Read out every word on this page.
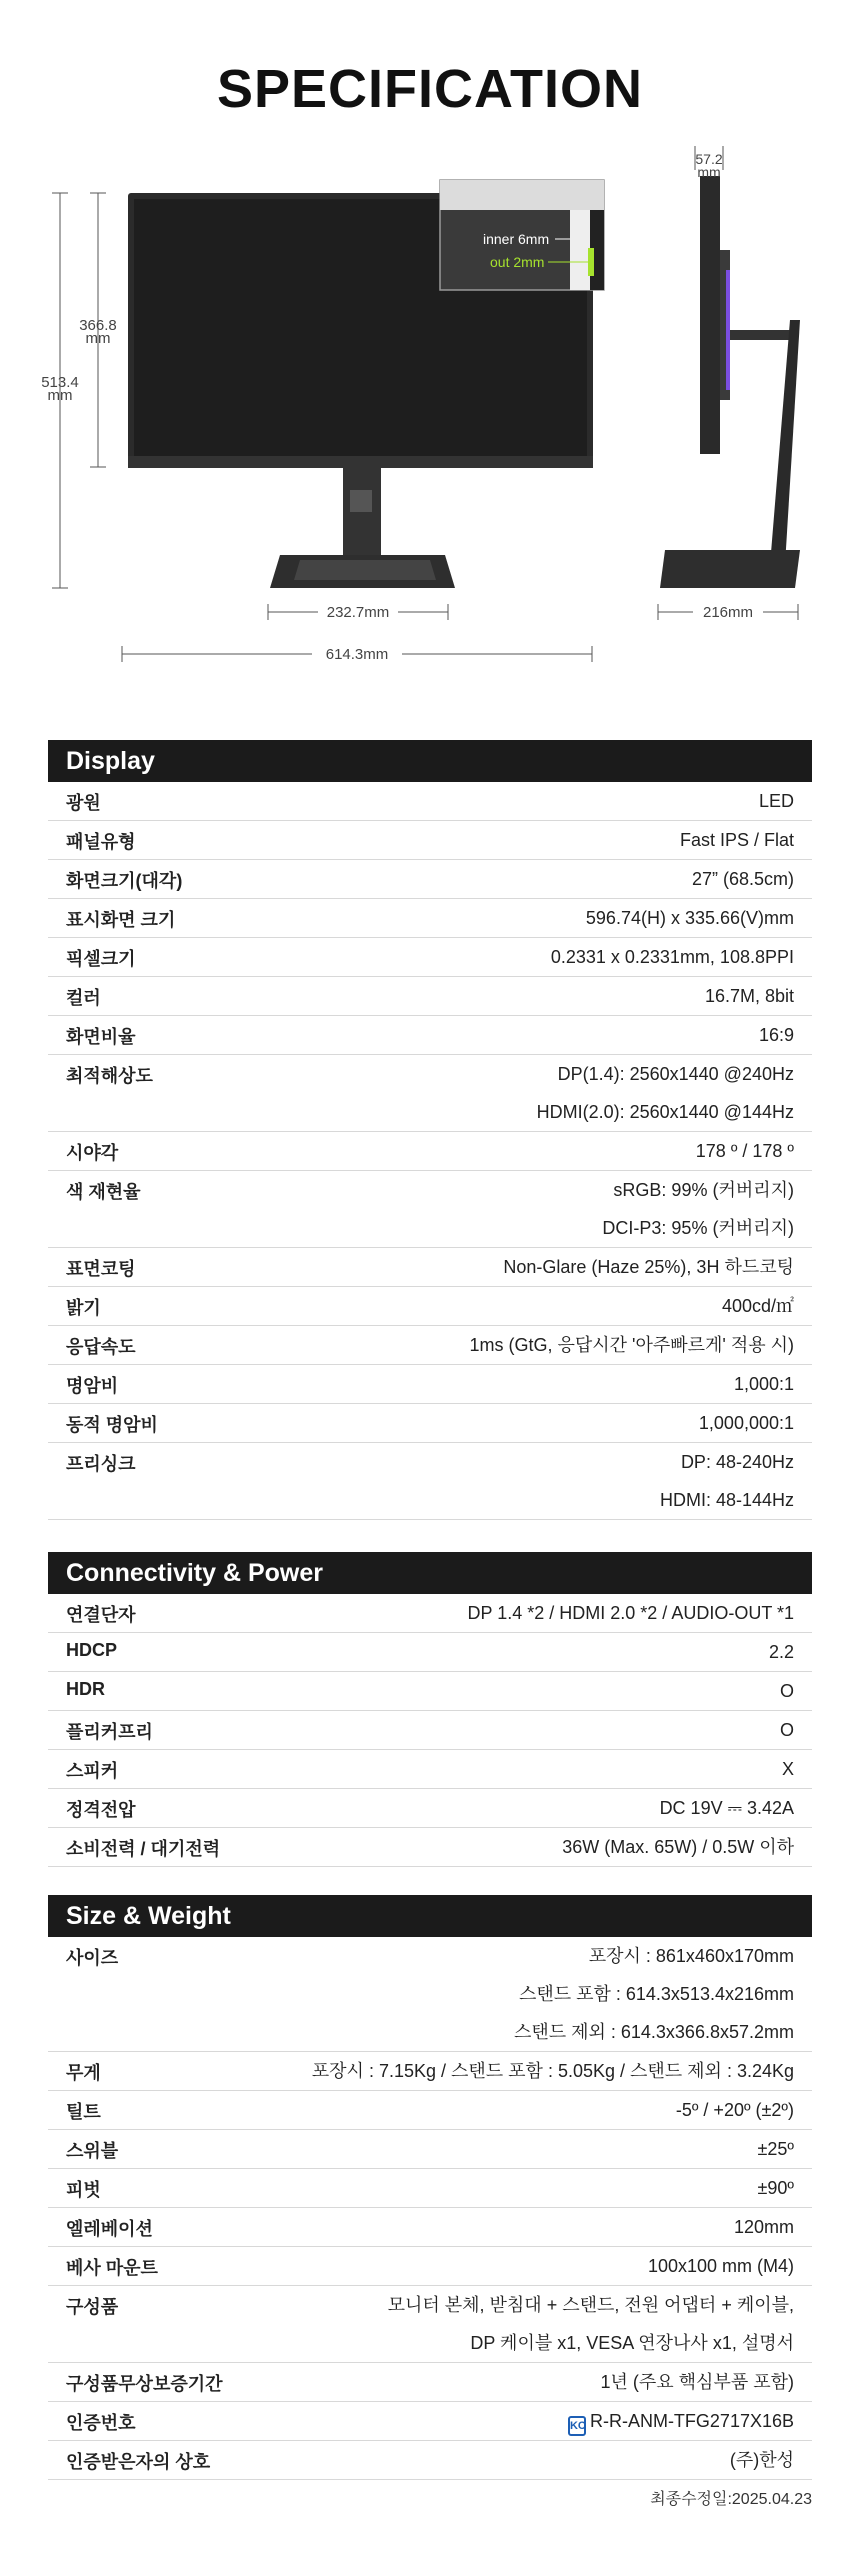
SPECIFICATION
inner 6mm
out 2mm
366.8 mm
513.4 mm
57.2 mm
232.7mm
614.3mm
216mm
Display
광원	LED
패널유형	Fast IPS / Flat
화면크기(대각)	27” (68.5cm)
표시화면 크기	596.74(H) x 335.66(V)mm
픽셀크기	0.2331 x 0.2331mm, 108.8PPI
컬러	16.7M, 8bit
화면비율	16:9
최적해상도	DP(1.4): 2560x1440 @240Hz
HDMI(2.0): 2560x1440 @144Hz
시야각	178 º / 178 º
색 재현율	sRGB: 99% (커버리지)
DCI-P3: 95% (커버리지)
표면코팅	Non-Glare (Haze 25%), 3H 하드코팅
밝기	400cd/㎡
응답속도	1ms (GtG, 응답시간 '아주빠르게' 적용 시)
명암비	1,000:1
동적 명암비	1,000,000:1
프리싱크	DP: 48-240Hz
HDMI: 48-144Hz
Connectivity & Power
연결단자	DP 1.4 *2 / HDMI 2.0 *2 / AUDIO-OUT *1
HDCP	2.2
HDR	O
플리커프리	O
스피커	X
정격전압	DC 19V ⎓ 3.42A
소비전력 / 대기전력	36W (Max. 65W) / 0.5W 이하
Size & Weight
사이즈	포장시 : 861x460x170mm
스탠드 포함 : 614.3x513.4x216mm
스탠드 제외 : 614.3x366.8x57.2mm
무게	포장시 : 7.15Kg / 스탠드 포함 : 5.05Kg / 스탠드 제외 : 3.24Kg
틸트	-5º / +20º (±2º)
스위블	±25º
피벗	±90º
엘레베이션	120mm
베사 마운트	100x100 mm (M4)
구성품	모니터 본체, 받침대 + 스탠드, 전원 어댑터 + 케이블,
DP 케이블 x1, VESA 연장나사 x1, 설명서
구성품무상보증기간	1년 (주요 핵심부품 포함)
인증번호	KC R-R-ANM-TFG2717X16B
인증받은자의 상호	(주)한성
최종수정일:2025.04.23
